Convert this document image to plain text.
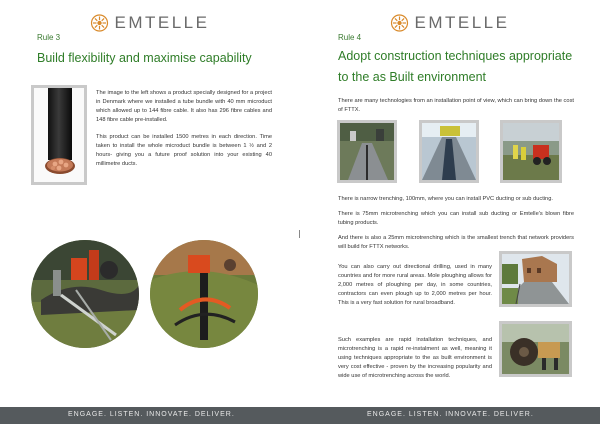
EMTELLE
Rule 3
Build flexibility and maximise capability

The image to the left shows a product specially designed for a project in Denmark where we installed a tube bundle with 40 mm microduct which allowed up to 144 fibre cable. It also has 296 fibre cables and 148 fibre cable pre-installed.

This product can be installed 1500 metres in each direction. Time taken to install the whole microduct bundle is between 1 ½ and 2 hours- giving you a future proof solution into your existing 40 millimetre ducts.

EMTELLE
Rule 4
Adopt construction techniques appropriate
to the as Built environment
There are many technologies from an installation point of view, which can bring down the cost of FTTX.

There is narrow trenching, 100mm, where you can install PVC ducting or sub ducting.

There is 75mm microtrenching which you can install sub ducting or Emtelle's blown fibre tubing products.

And there is also a 25mm microtrenching which is the smallest trench that network providers will build for FTTX networks.

You can also carry out directional drilling, used in many countries and for more rural areas. Mole ploughing allows for 2,000 metres of ploughing per day, in some countries, contractors can even plough up to 2,000 metres per hour. This is a very fast solution for rural broadband.
Such examples are rapid installation techniques, and microtrenching is a rapid re-instalment as well, meaning it using techniques appropriate to the as built environment is very cost effective - proven by the increasing popularity and wide use of microtrenching across the world.
ENGAGE. LISTEN. INNOVATE. DELIVER.	ENGAGE. LISTEN. INNOVATE. DELIVER.
